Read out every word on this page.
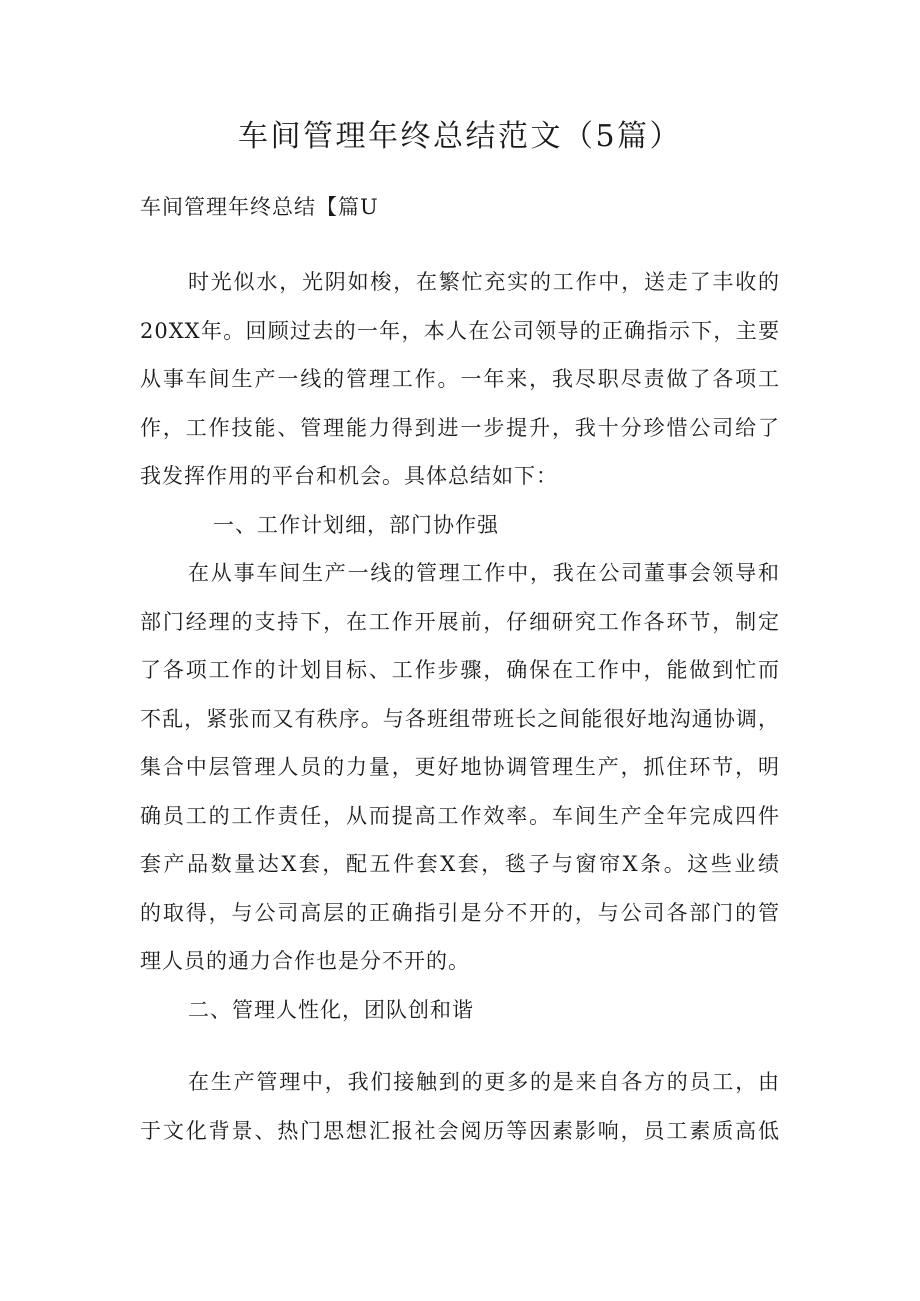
车间管理年终总结范文（5篇）
车间管理年终总结【篇U
时光似水，光阴如梭，在繁忙充实的工作中，送走了丰收的
20XX年。回顾过去的一年，本人在公司领导的正确指示下，主要
从事车间生产一线的管理工作。一年来，我尽职尽责做了各项工
作，工作技能、管理能力得到进一步提升，我十分珍惜公司给了
我发挥作用的平台和机会。具体总结如下：
一、工作计划细，部门协作强
在从事车间生产一线的管理工作中，我在公司董事会领导和
部门经理的支持下，在工作开展前，仔细研究工作各环节，制定
了各项工作的计划目标、工作步骤，确保在工作中，能做到忙而
不乱，紧张而又有秩序。与各班组带班长之间能很好地沟通协调，
集合中层管理人员的力量，更好地协调管理生产，抓住环节，明
确员工的工作责任，从而提高工作效率。车间生产全年完成四件
套产品数量达X套，配五件套X套，毯子与窗帘X条。这些业绩
的取得，与公司高层的正确指引是分不开的，与公司各部门的管
理人员的通力合作也是分不开的。
二、管理人性化，团队创和谐
在生产管理中，我们接触到的更多的是来自各方的员工，由
于文化背景、热门思想汇报社会阅历等因素影响，员工素质高低
